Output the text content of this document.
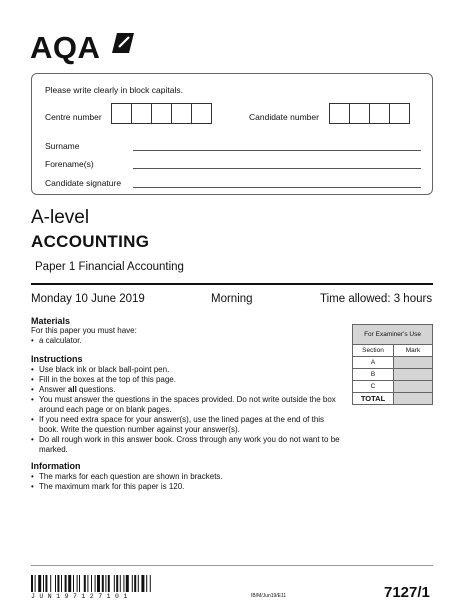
AQA
Please write clearly in block capitals.
Centre number	Candidate number
Surname
Forename(s)
Candidate signature
A-level
ACCOUNTING
Paper 1 Financial Accounting
Monday 10 June 2019	Morning	Time allowed: 3 hours
Materials
For this paper you must have:
• a calculator.
Instructions
• Use black ink or black ball-point pen.
• Fill in the boxes at the top of this page.
• Answer all questions.
• You must answer the questions in the spaces provided. Do not write outside the box around each page or on blank pages.
• If you need extra space for your answer(s), use the lined pages at the end of this book. Write the question number against your answer(s).
• Do all rough work in this answer book. Cross through any work you do not want to be marked.
Information
• The marks for each question are shown in brackets.
• The maximum mark for this paper is 120.
For Examiner's Use	
Section	Mark
A	
B	
C	
TOTAL	
JUN197127101	IB/M/Jun19/E11	7127/1
